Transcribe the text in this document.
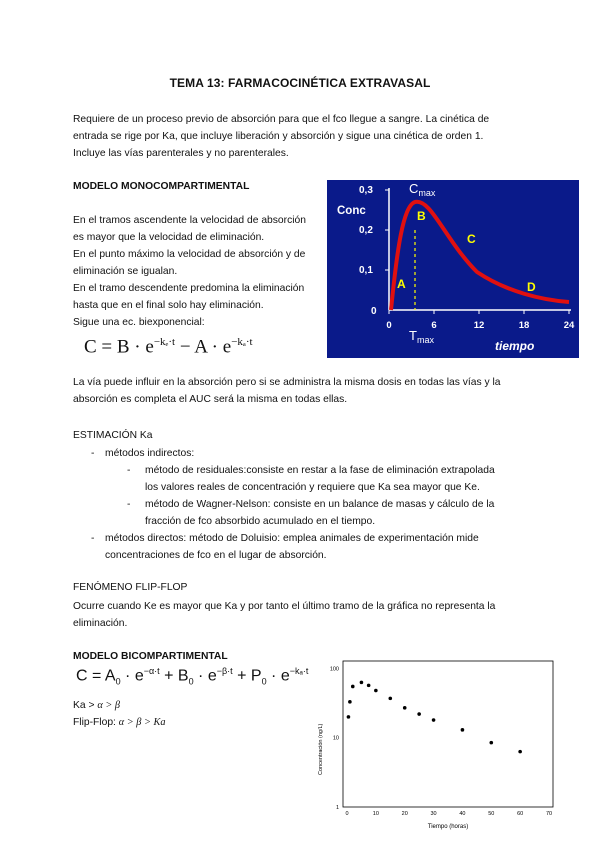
TEMA 13: FARMACOCINÉTICA EXTRAVASAL
Requiere de un proceso previo de absorción para que el fco llegue a sangre. La cinética de
entrada se rige por Ka, que incluye liberación y absorción y sigue una cinética de orden 1.
Incluye las vías parenterales y no parenterales.
MODELO MONOCOMPARTIMENTAL
En el tramos ascendente la velocidad de absorción
es mayor que la velocidad de eliminación.
En el punto máximo la velocidad de absorción y de
eliminación se igualan.
En el tramo descendente predomina la eliminación
hasta que en el final solo hay eliminación.
Sigue una ec. biexponencial:
$C = B \cdot e^{-k_e\cdot t} - A \cdot e^{-k_a\cdot t}$
0,3
0,2
0,1
0
0	6	12	18	24
Conc
tiempo
$C_{max}$
$T_{max}$
A
B
C
D
La vía puede influir en la absorción pero si se administra la misma dosis en todas las vías y la
absorción es completa el AUC será la misma en todas ellas.
ESTIMACIÓN Ka
- métodos indirectos:
- método de residuales:consiste en restar a la fase de eliminación extrapolada
los valores reales de concentración y requiere que Ka sea mayor que Ke.
- método de Wagner-Nelson: consiste en un balance de masas y cálculo de la
fracción de fco absorbido acumulado en el tiempo.
- métodos directos: método de Doluisio: emplea animales de experimentación mide
concentraciones de fco en el lugar de absorción.
FENÓMENO FLIP-FLOP
Ocurre cuando Ke es mayor que Ka y por tanto el último tramo de la gráfica no representa la
eliminación.
MODELO BICOMPARTIMENTAL
$C = A_0 \cdot e^{-\alpha\cdot t} + B_0 \cdot e^{-\beta\cdot t} + P_0 \cdot e^{-k_a\cdot t}$
Ka > α > β
Flip-Flop: α > β > Ka
Concentración (ng/L)
Tiempo (horas)
100
10
1
0	10	20	30	40	50	60	70
